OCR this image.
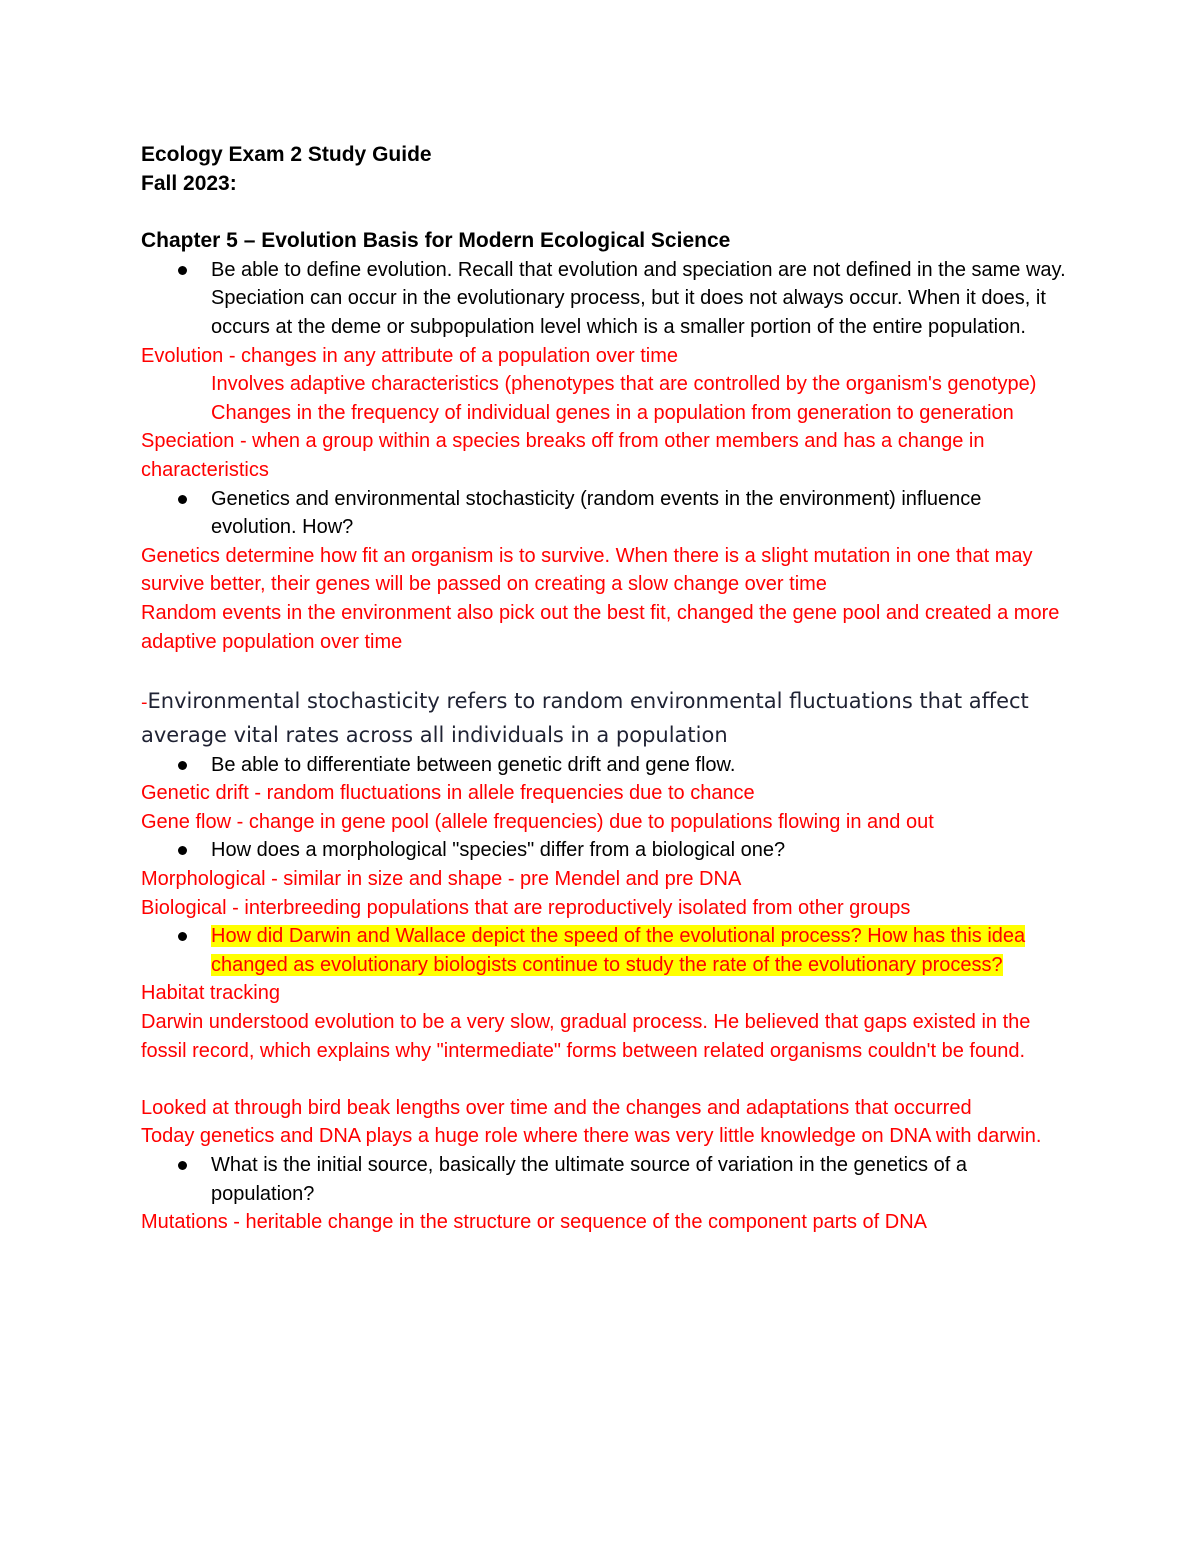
Ecology Exam 2 Study Guide
Fall 2023:
Chapter 5 – Evolution Basis for Modern Ecological Science
Be able to define evolution. Recall that evolution and speciation are not defined in the same way. Speciation can occur in the evolutionary process, but it does not always occur. When it does, it occurs at the deme or subpopulation level which is a smaller portion of the entire population.
Evolution - changes in any attribute of a population over time
Involves adaptive characteristics (phenotypes that are controlled by the organism's genotype)
Changes in the frequency of individual genes in a population from generation to generation
Speciation - when a group within a species breaks off from other members and has a change in characteristics
Genetics and environmental stochasticity (random events in the environment) influence evolution. How?
Genetics determine how fit an organism is to survive. When there is a slight mutation in one that may survive better, their genes will be passed on creating a slow change over time
Random events in the environment also pick out the best fit, changed the gene pool and created a more adaptive population over time
-Environmental stochasticity refers to random environmental fluctuations that affect average vital rates across all individuals in a population
Be able to differentiate between genetic drift and gene flow.
Genetic drift - random fluctuations in allele frequencies due to chance
Gene flow - change in gene pool (allele frequencies) due to populations flowing in and out
How does a morphological "species" differ from a biological one?
Morphological - similar in size and shape - pre Mendel and pre DNA
Biological - interbreeding populations that are reproductively isolated from other groups
How did Darwin and Wallace depict the speed of the evolutional process? How has this idea changed as evolutionary biologists continue to study the rate of the evolutionary process?
Habitat tracking
Darwin understood evolution to be a very slow, gradual process. He believed that gaps existed in the fossil record, which explains why "intermediate" forms between related organisms couldn't be found.
Looked at through bird beak lengths over time and the changes and adaptations that occurred
Today genetics and DNA plays a huge role where there was very little knowledge on DNA with darwin.
What is the initial source, basically the ultimate source of variation in the genetics of a population?
Mutations - heritable change in the structure or sequence of the component parts of DNA
